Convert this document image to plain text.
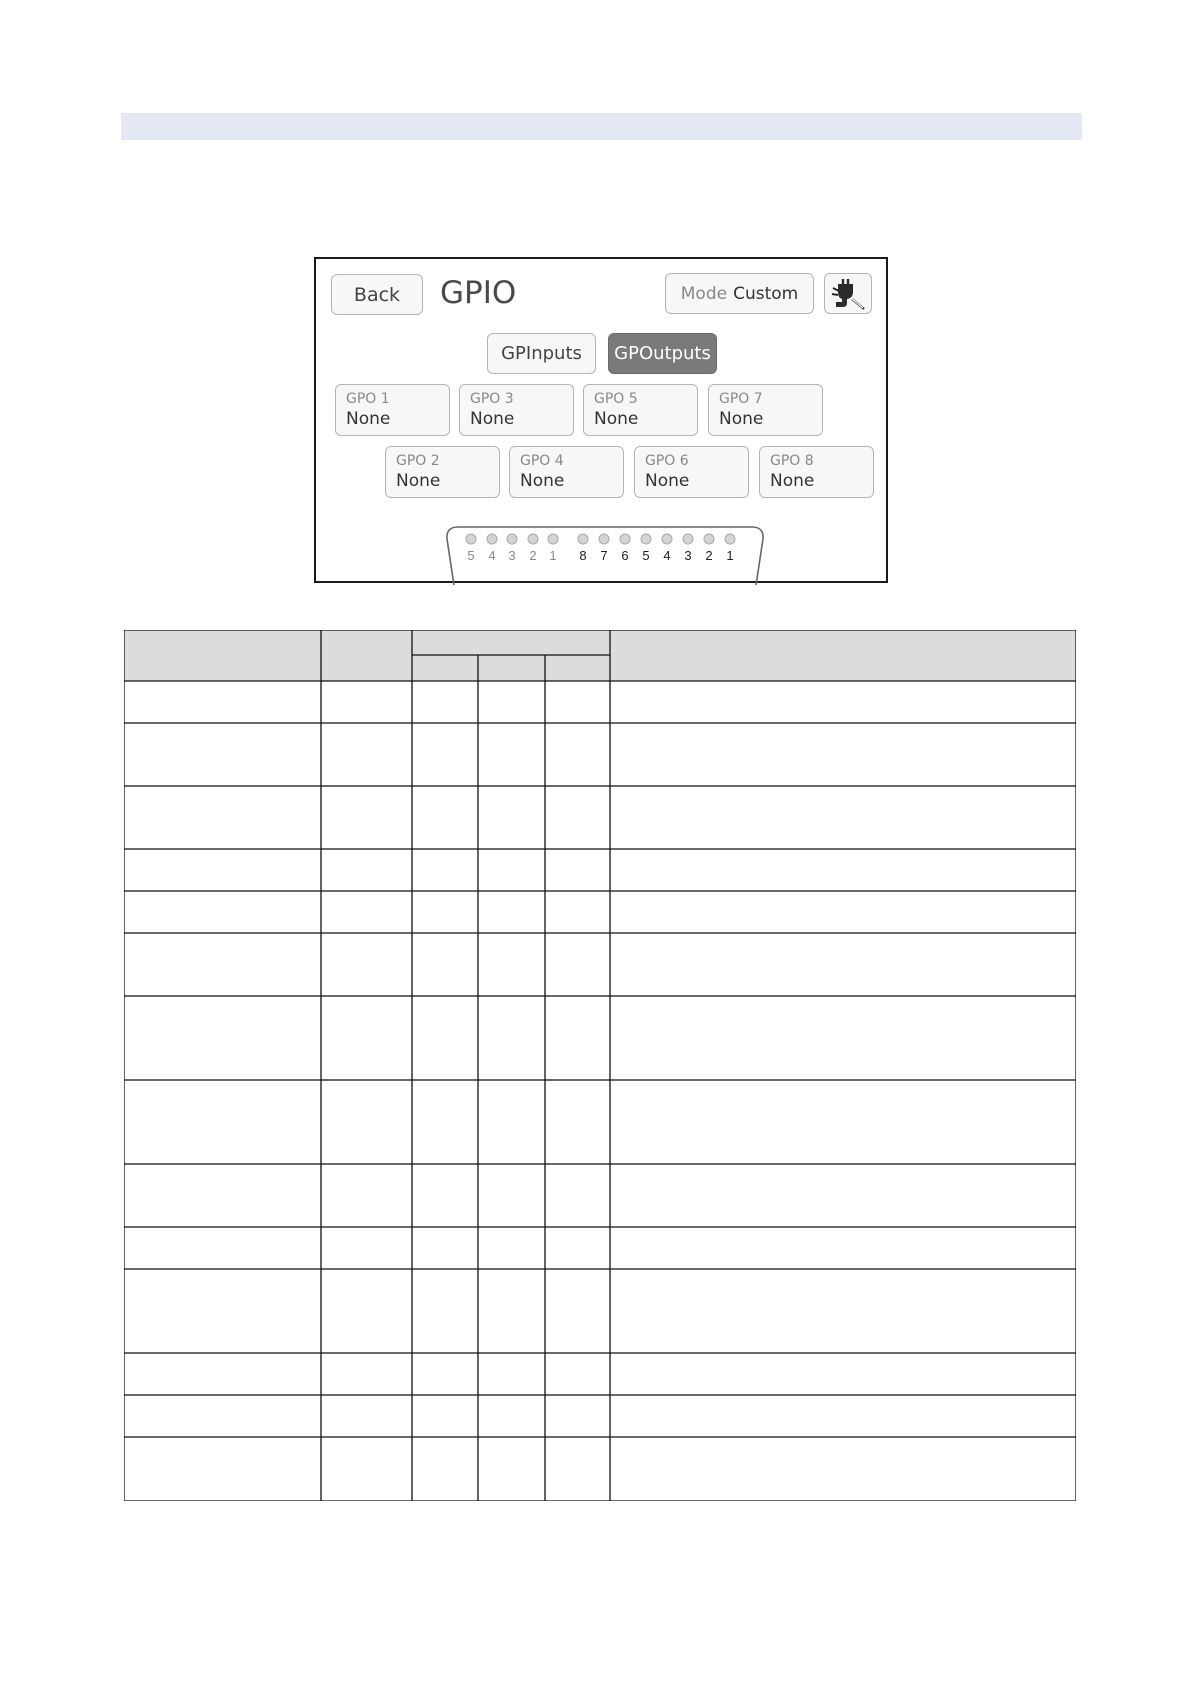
Back GPIO	Mode Custom
GPInputs GPOutputs
GPO 1
None
GPO 3
None
GPO 5
None
GPO 7
None
GPO 2
None
GPO 4
None
GPO 6
None
GPO 8
None
5 4 3 2 1 8 7 6 5 4 3 2 1
